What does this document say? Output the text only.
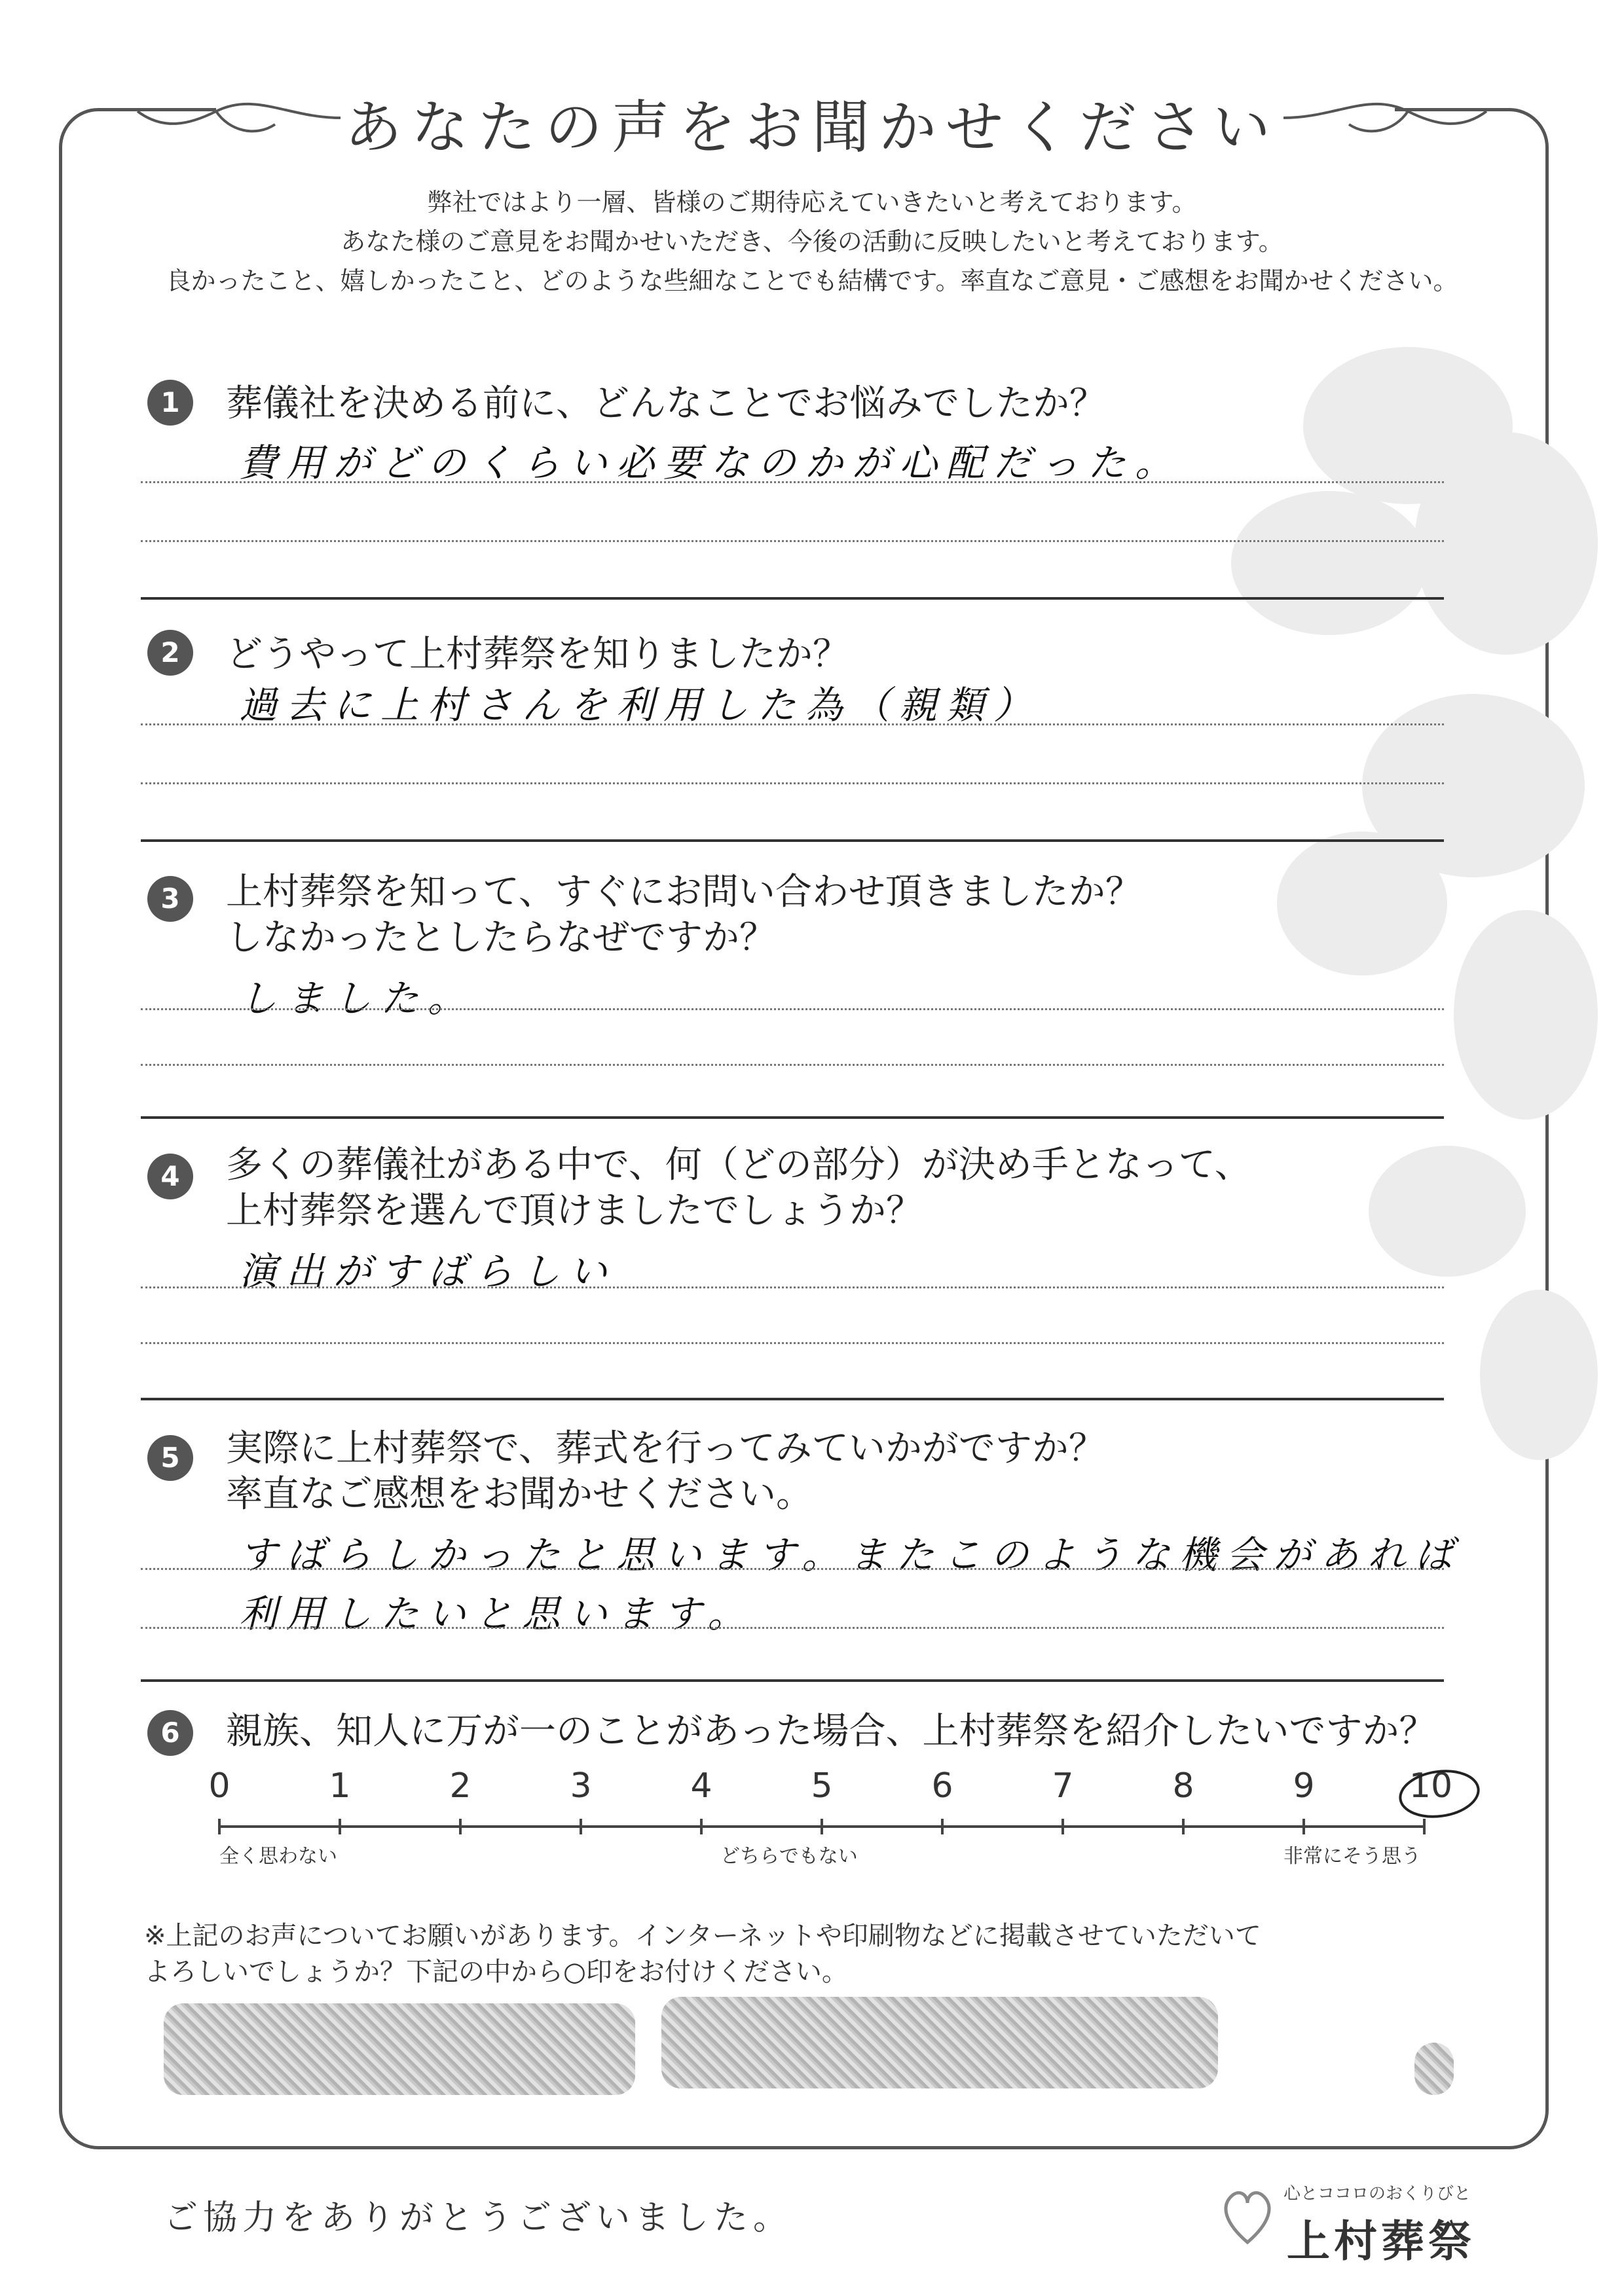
あなたの声をお聞かせください
弊社ではより一層、皆様のご期待応えていきたいと考えております。
あなた様のご意見をお聞かせいただき、今後の活動に反映したいと考えております。
良かったこと、嬉しかったこと、どのような些細なことでも結構です。率直なご意見・ご感想をお聞かせください。
1	葬儀社を決める前に、どんなことでお悩みでしたか？
費用がどのくらい必要なのかが心配だった。
2	どうやって上村葬祭を知りましたか？
過去に上村さんを利用した為（親類）
3	上村葬祭を知って、すぐにお問い合わせ頂きましたか？
しなかったとしたらなぜですか？
しました。
4	多くの葬儀社がある中で、何（どの部分）が決め手となって、
上村葬祭を選んで頂けましたでしょうか？
演出がすばらしい
5	実際に上村葬祭で、葬式を行ってみていかがですか？
率直なご感想をお聞かせください。
すばらしかったと思います。またこのような機会があれば
利用したいと思います。
6	親族、知人に万が一のことがあった場合、上村葬祭を紹介したいですか？
0	1	2	3	4	5	6	7	8	9	10
全く思わない	どちらでもない	非常にそう思う
※上記のお声についてお願いがあります。インターネットや印刷物などに掲載させていただいて
よろしいでしょうか？下記の中から○印をお付けください。
ご協力をありがとうございました。
心とココロのおくりびと
上村葬祭
